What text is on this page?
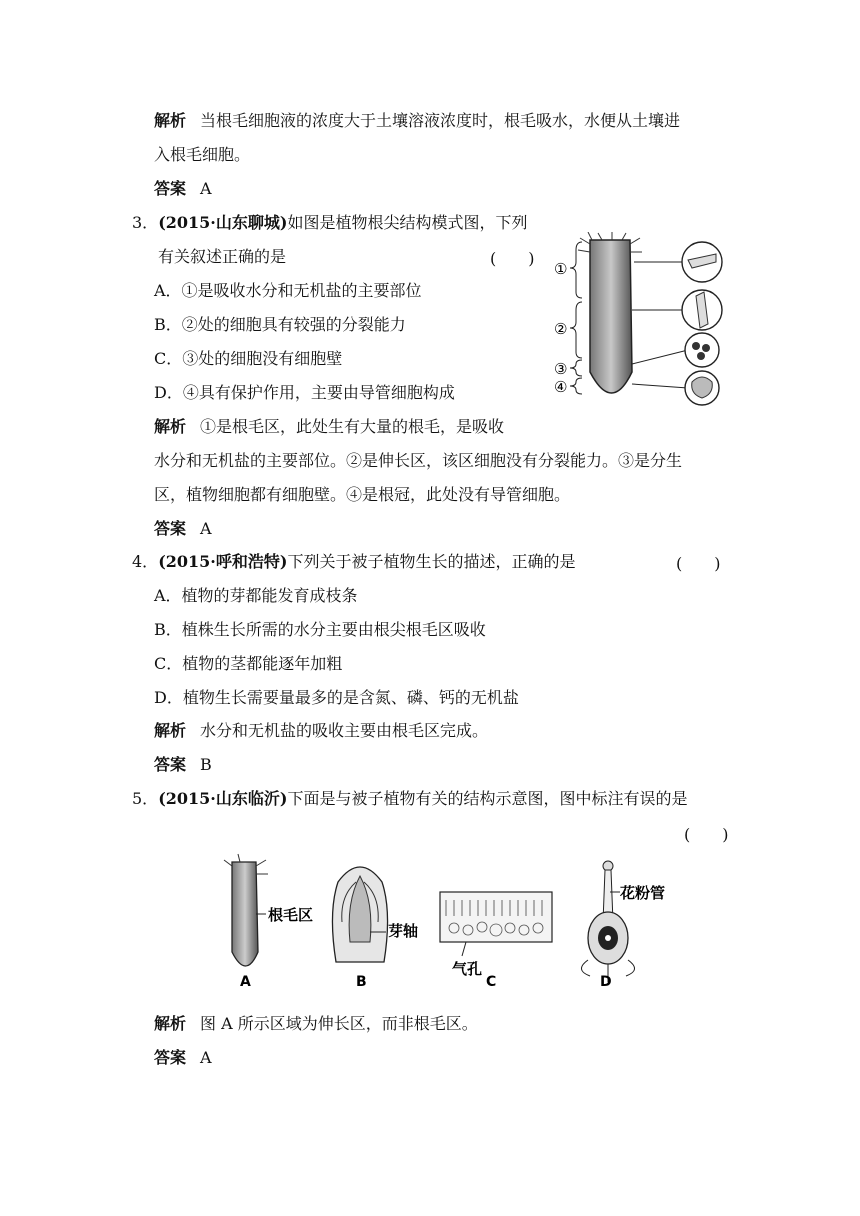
解析 当根毛细胞液的浓度大于土壤溶液浓度时，根毛吸水，水便从土壤进
入根毛细胞。
答案 A
3．(2015·山东聊城)如图是植物根尖结构模式图，下列
有关叙述正确的是	(　　)
A．①是吸收水分和无机盐的主要部位
B．②处的细胞具有较强的分裂能力
C．③处的细胞没有细胞壁
D．④具有保护作用，主要由导管细胞构成
①
②
③
④
解析 ①是根毛区，此处生有大量的根毛，是吸收
水分和无机盐的主要部位。②是伸长区，该区细胞没有分裂能力。③是分生
区，植物细胞都有细胞壁。④是根冠，此处没有导管细胞。
答案 A
4．(2015·呼和浩特)下列关于被子植物生长的描述，正确的是	(　　)
A．植物的芽都能发育成枝条
B．植株生长所需的水分主要由根尖根毛区吸收
C．植物的茎都能逐年加粗
D．植物生长需要量最多的是含氮、磷、钙的无机盐
解析 水分和无机盐的吸收主要由根毛区完成。
答案 B
5．(2015·山东临沂)下面是与被子植物有关的结构示意图，图中标注有误的是
(　　)
根毛区
芽轴
气孔
花粉管
A	B	C	D
解析 图 A 所示区域为伸长区，而非根毛区。
答案 A
